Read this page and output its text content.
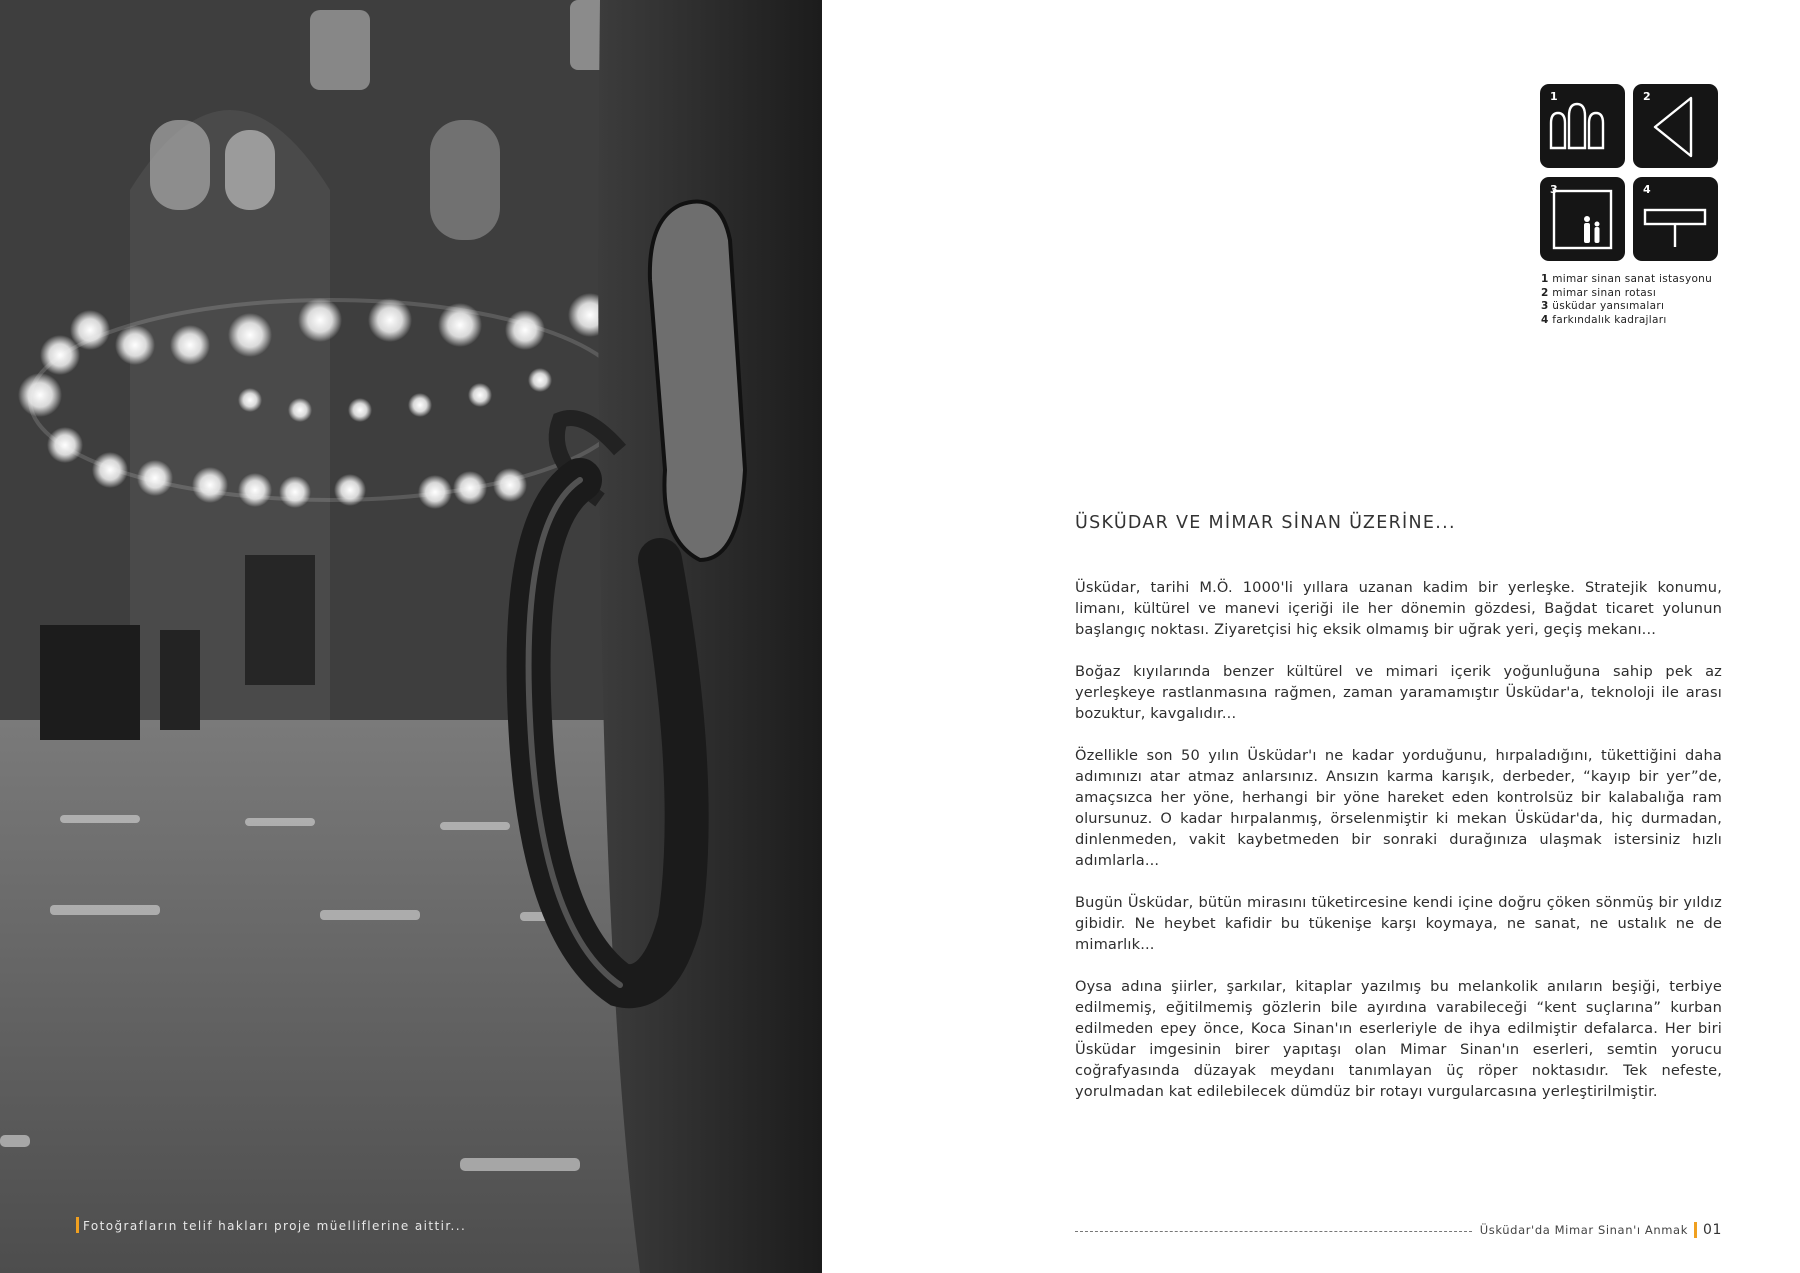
Fotoğrafların telif hakları proje müelliflerine aittir...
1	2
3	4
1 mimar sinan sanat istasyonu
2 mimar sinan rotası
3 üsküdar yansımaları
4 farkındalık kadrajları
ÜSKÜDAR VE MİMAR SİNAN ÜZERİNE...

Üsküdar, tarihi M.Ö. 1000'li yıllara uzanan kadim bir yerleşke. Stratejik konumu, limanı, kültürel ve manevi içeriği ile her dönemin gözdesi, Bağdat ticaret yolunun başlangıç noktası. Ziyaretçisi hiç eksik olmamış bir uğrak yeri, geçiş mekanı...

Boğaz kıyılarında benzer kültürel ve mimari içerik yoğunluğuna sahip pek az yerleşkeye rastlanmasına rağmen, zaman yaramamıştır Üsküdar'a, teknoloji ile arası bozuktur, kavgalıdır...

Özellikle son 50 yılın Üsküdar'ı ne kadar yorduğunu, hırpaladığını, tükettiğini daha adımınızı atar atmaz anlarsınız. Ansızın karma karışık, derbeder, “kayıp bir yer”de, amaçsızca her yöne, herhangi bir yöne hareket eden kontrolsüz bir kalabalığa ram olursunuz. O kadar hırpalanmış, örselenmiştir ki mekan Üsküdar'da, hiç durmadan, dinlenmeden, vakit kaybetmeden bir sonraki durağınıza ulaşmak istersiniz hızlı adımlarla...

Bugün Üsküdar, bütün mirasını tüketircesine kendi içine doğru çöken sönmüş bir yıldız gibidir. Ne heybet kafidir bu tükenişe karşı koymaya, ne sanat, ne ustalık ne de mimarlık...

Oysa adına şiirler, şarkılar, kitaplar yazılmış bu melankolik anıların beşiği, terbiye edilmemiş, eğitilmemiş gözlerin bile ayırdına varabileceği “kent suçlarına” kurban edilmeden epey önce, Koca Sinan'ın eserleriyle de ihya edilmiştir defalarca. Her biri Üsküdar imgesinin birer yapıtaşı olan Mimar Sinan'ın eserleri, semtin yorucu coğrafyasında düzayak meydanı tanımlayan üç röper noktasıdır. Tek nefeste, yorulmadan kat edilebilecek dümdüz bir rotayı vurgularcasına yerleştirilmiştir.

Üsküdar'da Mimar Sinan'ı Anmak 01
